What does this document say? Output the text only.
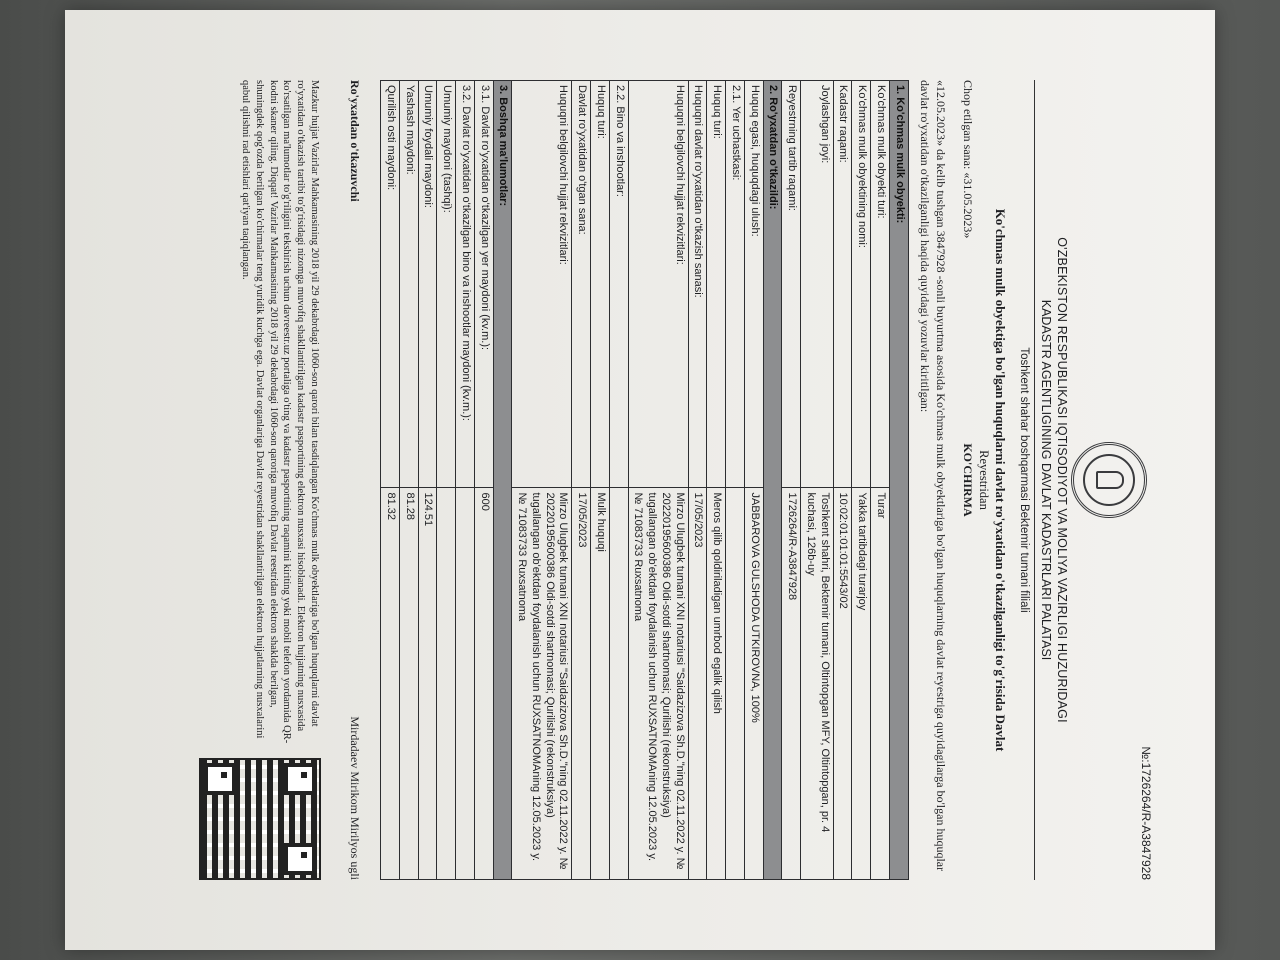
№:1726264/R-A3847928
O'ZBEKISTON RESPUBLIKASI IQTISODIYOT VA MOLIYA VAZIRLIGI HUZURIDAGI
KADASTR AGENTLIGINING DAVLAT KADASTRLARI PALATASI
Toshkent shahar boshqarmasi Bektemir tumani filiali
Ko'chmas mulk obyektiga bo'lgan huquqlarni davlat ro'yxatidan o'tkazilganligi to'g'risida Davlat
Reyestridan
Chop etilgan sana: «31.05.2023»
KO'CHIRMA
«12.05.2023» da kelib tushgan 3847928 -sonli buyurtma asosida Ko'chmas mulk obyektlariga bo'lgan huquqlarning davlat reyestriga quyidagilarga bo'lgan huquqlar davlat ro'yxatidan o'tkazilganligi haqida quyidagi yozuvlar kiritilgan:
1. Ko'chmas mulk obyekti:	
Ko'chmas mulk obyekti turi:	Turar
Ko'chmas mulk obyektining nomi:	Yakka tartibdagi turarjoy
Kadastr raqami:	10:02:01:01:01:5543/02
Joylashgan joyi:	Toshkent shahri, Bektemir tumani, Oltintopgan MFY, Oltintopgan, pr. 4 kuchasi, 126b-uy
Reyestrning tartib raqami:	1726264/R-A3847928
2. Ro'yxatdan o'tkazildi:	
Huquq egasi, huquqdagi ulush:	JABBAROVA GULSHODA UTKIROVNA, 100%
2.1. Yer uchastkasi:	
Huquq turi:	Meros qilib qoldiriladigan umrbod egalik qilish
Huquqni davlat ro'yxatidan o'tkazish sanasi:	17/05/2023
Huquqni belgilovchi hujjat rekvizitlari:	Mirzo Ulugbek tumani XNI notariusi "Saidazizova Sh.D."ning 02.11.2022 y. № 20220195600386 Oldi-sotdi shartnomasi; Qurilishi (rekonstruksiya) tugallangan ob'ektdan foydalanish uchun RUXSATNOMAning 12.05.2023 y. № 71083733 Ruxsatnoma
2.2. Bino va inshootlar:	
Huquq turi:	Mulk huquqi
Davlat ro'yxatidan o'tgan sana:	17/05/2023
Huquqni belgilovchi hujjat rekvizitlari:	Mirzo Ulugbek tumani XNI notariusi "Saidazizova Sh.D."ning 02.11.2022 y. № 20220195600386 Oldi-sotdi shartnomasi; Qurilishi (rekonstruksiya) tugallangan ob'ektdan foydalanish uchun RUXSATNOMAning 12.05.2023 y. № 71083733 Ruxsatnoma
3. Boshqa ma'lumotlar:	
3.1. Davlat ro'yxatidan o'tkazilgan yer maydoni (kv.m.):	600
3.2. Davlat ro'yxatidan o'tkazilgan bino va inshootlar maydoni (kv.m.):	
Umumiy maydoni (tashqi):	
Umumiy foydali maydoni:	124.51
Yashash maydoni:	81.28
Qurilish osti maydoni:	81.32
Ro'yxatdan o'tkazuvchi
Mirdadaev Mirikom Mirilyos ugli

Mazkur hujjat Vazirlar Mahkamasining 2018 yil 29 dekabrdagi 1060-son qarori bilan tasdiqlangan Ko'chmas mulk obyektlariga bo'lgan huquqlarni davlat ro'yxatidan o'tkazish tartibi to'g'risidagi nizomga muvofiq shakllantirilgan kadastr pasportining elektron nusxasi hisoblanadi. Elektron hujjatning nusxasida ko'rsatilgan ma'lumotlar to'g'riligini tekshirish uchun davreestr.uz portaliga o'ting va kadastr pasportining raqamini kiriting yoki mobil telefon yordamida QR-kodni skaner qiling. Diqqat! Vazirlar Mahkamasining 2018 yil 29 dekabrdagi 1060-son qaroriga muvofiq Davlat reestridan elektron shaklda berilgan, shuningdek qog'ozda berilgan ko'chirmalar teng yuridik kuchga ega. Davlat organlariga Davlat reyestridan shakllantirilgan elektron hujjatlarning nusxalarini qabul qilishni rad etishlari qat'iyan taqiqlangan.
